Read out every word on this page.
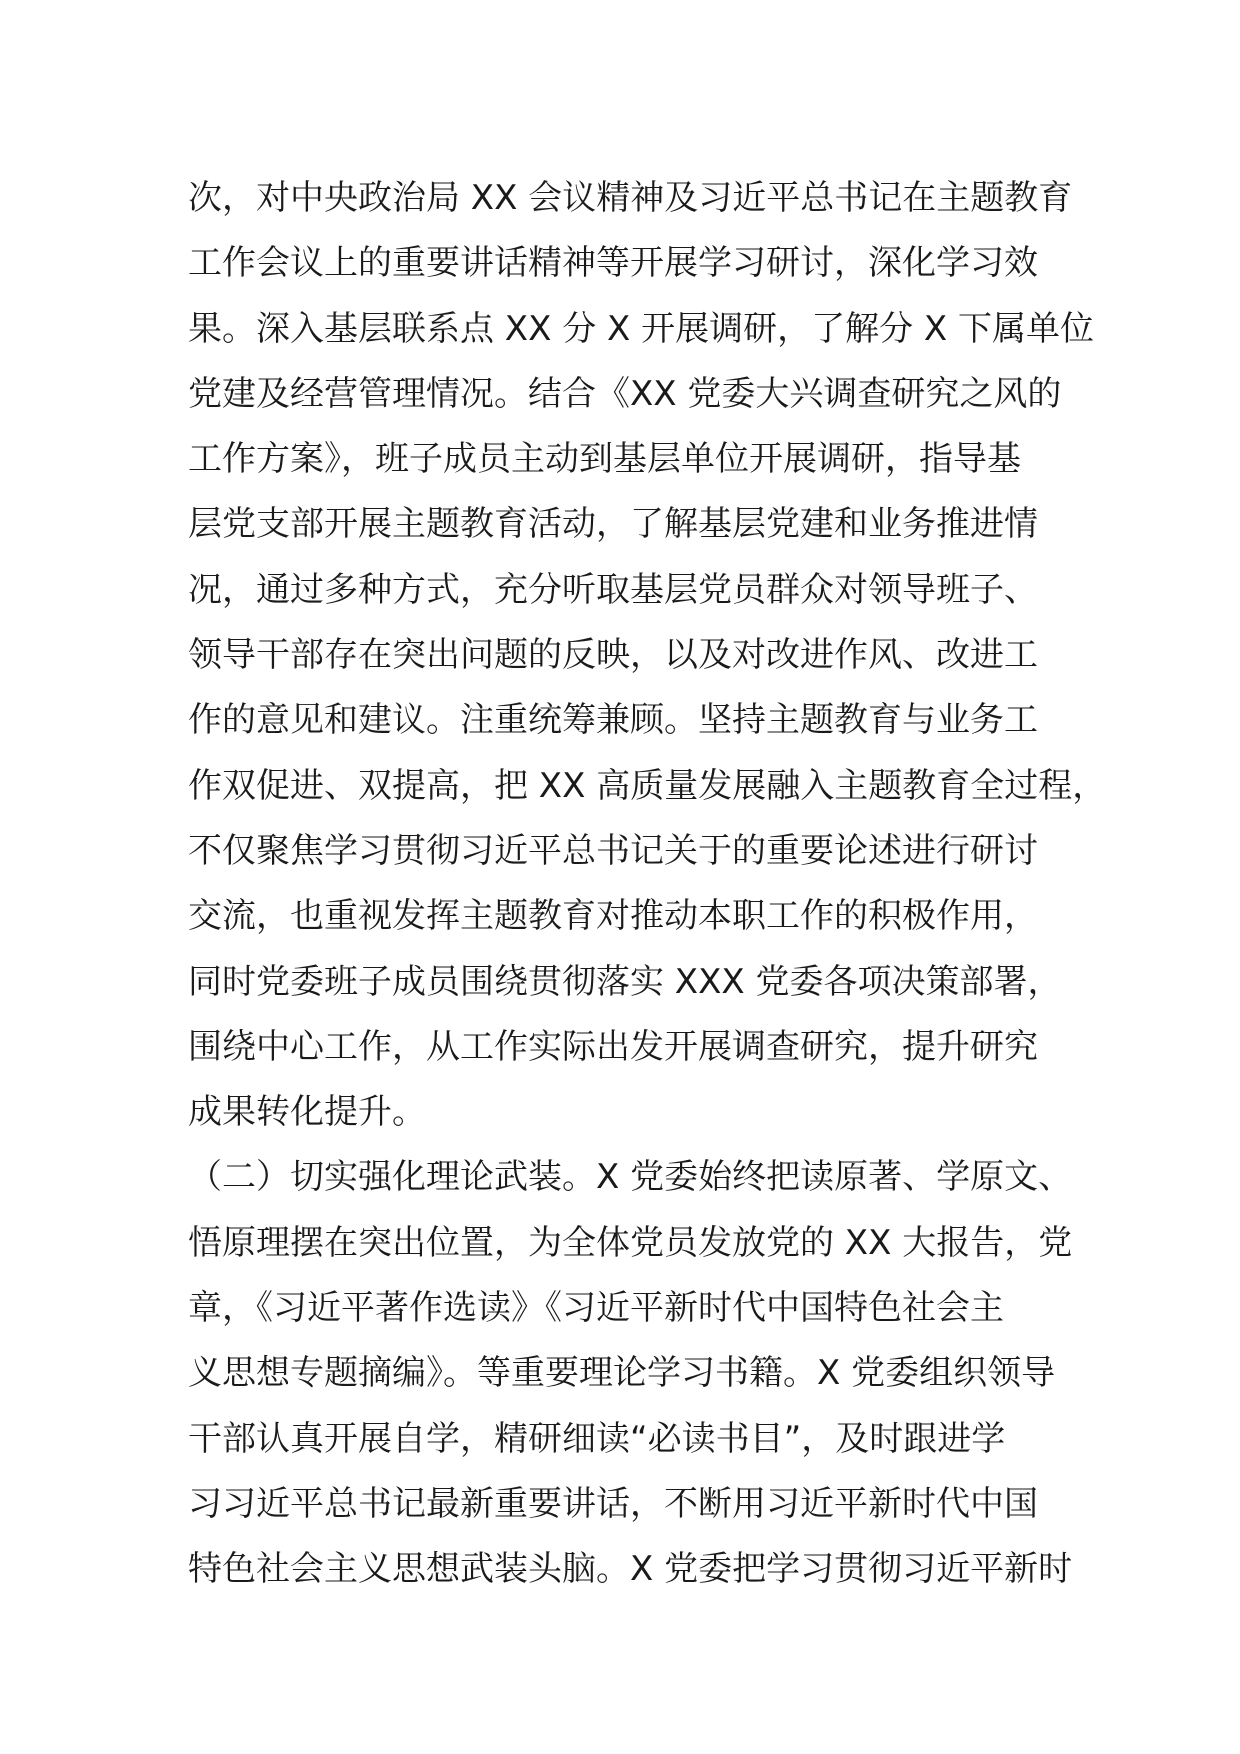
次，对中央政治局 XX 会议精神及习近平总书记在主题教育
工作会议上的重要讲话精神等开展学习研讨，深化学习效
果。深入基层联系点 XX 分 X 开展调研，了解分 X 下属单位
党建及经营管理情况。结合《XX 党委大兴调查研究之风的
工作方案》，班子成员主动到基层单位开展调研，指导基
层党支部开展主题教育活动，了解基层党建和业务推进情
况，通过多种方式，充分听取基层党员群众对领导班子、
领导干部存在突出问题的反映，以及对改进作风、改进工
作的意见和建议。注重统筹兼顾。坚持主题教育与业务工
作双促进、双提高，把 XX 高质量发展融入主题教育全过程，
不仅聚焦学习贯彻习近平总书记关于的重要论述进行研讨
交流，也重视发挥主题教育对推动本职工作的积极作用，
同时党委班子成员围绕贯彻落实 XXX 党委各项决策部署，
围绕中心工作，从工作实际出发开展调查研究，提升研究
成果转化提升。
（二）切实强化理论武装。X 党委始终把读原著、学原文、
悟原理摆在突出位置，为全体党员发放党的 XX 大报告，党
章，《习近平著作选读》《习近平新时代中国特色社会主
义思想专题摘编》。等重要理论学习书籍。X 党委组织领导
干部认真开展自学，精研细读“必读书目”，及时跟进学
习习近平总书记最新重要讲话，不断用习近平新时代中国
特色社会主义思想武装头脑。X 党委把学习贯彻习近平新时
